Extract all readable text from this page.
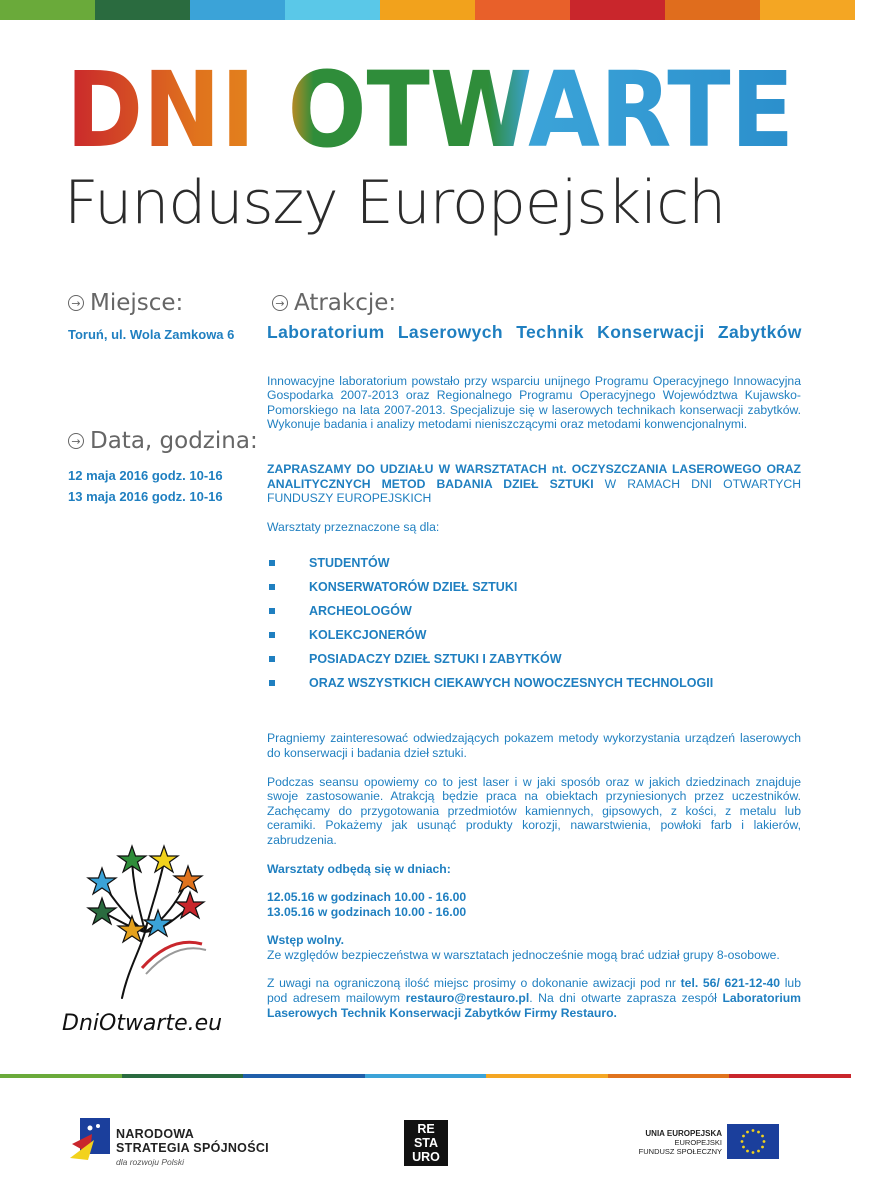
DNI OTWARTE
Funduszy Europejskich
→ Miejsce:
Toruń, ul. Wola Zamkowa 6
→ Data, godzina:
12 maja 2016 godz. 10-16
13 maja 2016 godz. 10-16
→ Atrakcje:

Laboratorium Laserowych Technik Konserwacji Zabytków

Innowacyjne laboratorium powstało przy wsparciu unijnego Programu Operacyjnego Innowacyjna Gospodarka 2007-2013 oraz Regionalnego Programu Operacyjnego Województwa Kujawsko-Pomorskiego na lata 2007-2013. Specjalizuje się w laserowych technikach konserwacji zabytków. Wykonuje badania i analizy metodami nieniszczącymi oraz metodami konwencjonalnymi.

ZAPRASZAMY DO UDZIAŁU W WARSZTATACH nt. OCZYSZCZANIA LASEROWEGO ORAZ ANALITYCZNYCH METOD BADANIA DZIEŁ SZTUKI W RAMACH DNI OTWARTYCH FUNDUSZY EUROPEJSKICH

Warsztaty przeznaczone są dla:

STUDENTÓW
KONSERWATORÓW DZIEŁ SZTUKI
ARCHEOLOGÓW
KOLEKCJONERÓW
POSIADACZY DZIEŁ SZTUKI I ZABYTKÓW
ORAZ WSZYSTKICH CIEKAWYCH NOWOCZESNYCH TECHNOLOGII

Pragniemy zainteresować odwiedzających pokazem metody wykorzystania urządzeń laserowych do konserwacji i badania dzieł sztuki.

Podczas seansu opowiemy co to jest laser i w jaki sposób oraz w jakich dziedzinach znajduje swoje zastosowanie. Atrakcją będzie praca na obiektach przyniesionych przez uczestników. Zachęcamy do przygotowania przedmiotów kamiennych, gipsowych, z kości, z metalu lub ceramiki. Pokażemy jak usunąć produkty korozji, nawarstwienia, powłoki farb i lakierów, zabrudzenia.

Warsztaty odbędą się w dniach:

12.05.16 w godzinach 10.00 - 16.00

13.05.16 w godzinach 10.00 - 16.00

Wstęp wolny.

Ze względów bezpieczeństwa w warsztatach jednocześnie mogą brać udział grupy 8-osobowe.

Z uwagi na ograniczoną ilość miejsc prosimy o dokonanie awizacji pod nr tel. 56/ 621-12-40 lub pod adresem mailowym restauro@restauro.pl. Na dni otwarte zaprasza zespół Laboratorium Laserowych Technik Konserwacji Zabytków Firmy Restauro.

DniOtwarte.eu
NARODOWA
STRATEGIA SPÓJNOŚCI
dla rozwoju Polski
RE
STA
URO
UNIA EUROPEJSKA
EUROPEJSKI
FUNDUSZ SPOŁECZNY
